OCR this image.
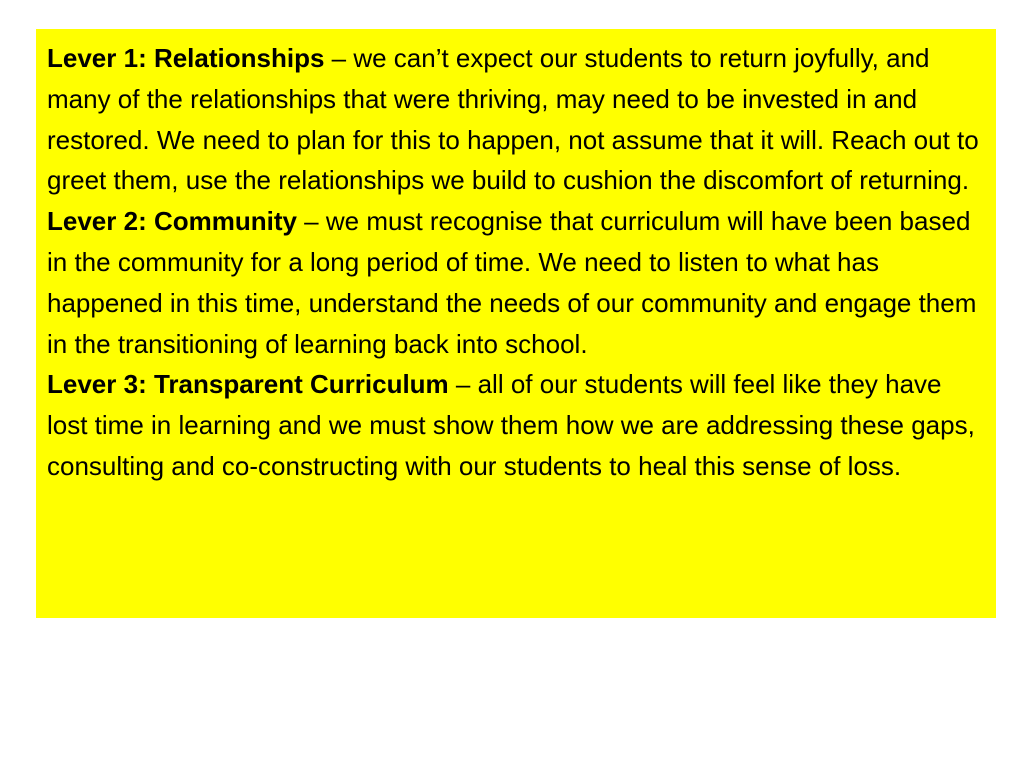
Lever 1: Relationships – we can’t expect our students to return joyfully, and many of the relationships that were thriving, may need to be invested in and restored. We need to plan for this to happen, not assume that it will. Reach out to greet them, use the relationships we build to cushion the discomfort of returning.

Lever 2: Community – we must recognise that curriculum will have been based in the community for a long period of time. We need to listen to what has happened in this time, understand the needs of our community and engage them in the transitioning of learning back into school.

Lever 3: Transparent Curriculum – all of our students will feel like they have lost time in learning and we must show them how we are addressing these gaps, consulting and co-constructing with our students to heal this sense of loss.
